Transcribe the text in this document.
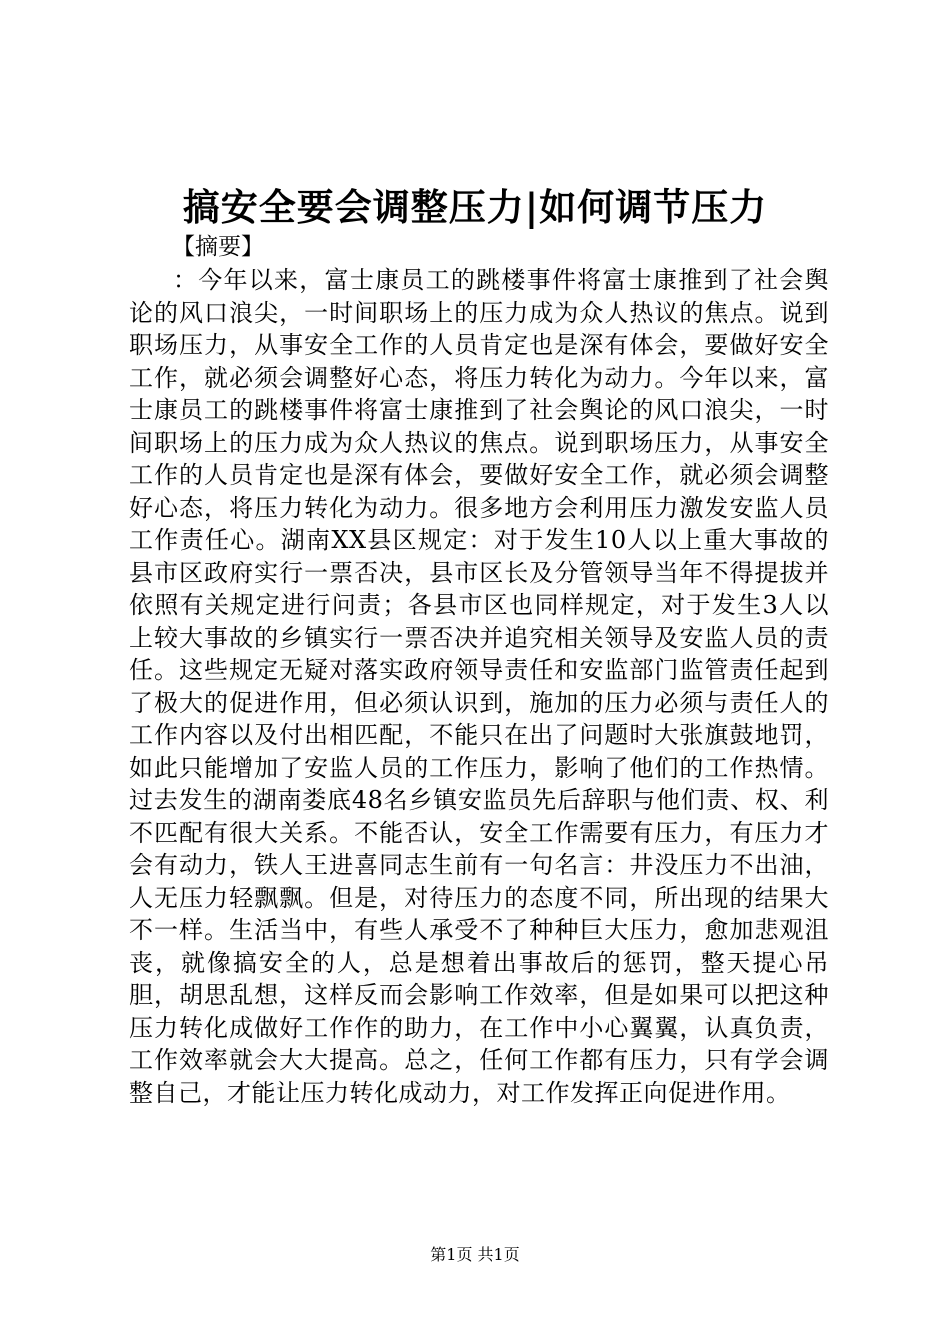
搞安全要会调整压力|如何调节压力

【摘要】

：今年以来，富士康员工的跳楼事件将富士康推到了社会舆论的风口浪尖，一时间职场上的压力成为众人热议的焦点。说到职场压力，从事安全工作的人员肯定也是深有体会，要做好安全工作，就必须会调整好心态，将压力转化为动力。今年以来，富士康员工的跳楼事件将富士康推到了社会舆论的风口浪尖，一时间职场上的压力成为众人热议的焦点。说到职场压力，从事安全工作的人员肯定也是深有体会，要做好安全工作，就必须会调整好心态，将压力转化为动力。很多地方会利用压力激发安监人员工作责任心。湖南XX县区规定：对于发生10人以上重大事故的县市区政府实行一票否决，县市区长及分管领导当年不得提拔并依照有关规定进行问责；各县市区也同样规定，对于发生3人以上较大事故的乡镇实行一票否决并追究相关领导及安监人员的责任。这些规定无疑对落实政府领导责任和安监部门监管责任起到了极大的促进作用，但必须认识到，施加的压力必须与责任人的工作内容以及付出相匹配，不能只在出了问题时大张旗鼓地罚，如此只能增加了安监人员的工作压力，影响了他们的工作热情。过去发生的湖南娄底48名乡镇安监员先后辞职与他们责、权、利不匹配有很大关系。不能否认，安全工作需要有压力，有压力才会有动力，铁人王进喜同志生前有一句名言：井没压力不出油，人无压力轻飘飘。但是，对待压力的态度不同，所出现的结果大不一样。生活当中，有些人承受不了种种巨大压力，愈加悲观沮丧，就像搞安全的人，总是想着出事故后的惩罚，整天提心吊胆，胡思乱想，这样反而会影响工作效率，但是如果可以把这种压力转化成做好工作作的助力，在工作中小心翼翼，认真负责，工作效率就会大大提高。总之，任何工作都有压力，只有学会调整自己，才能让压力转化成动力，对工作发挥正向促进作用。

第1页 共1页
